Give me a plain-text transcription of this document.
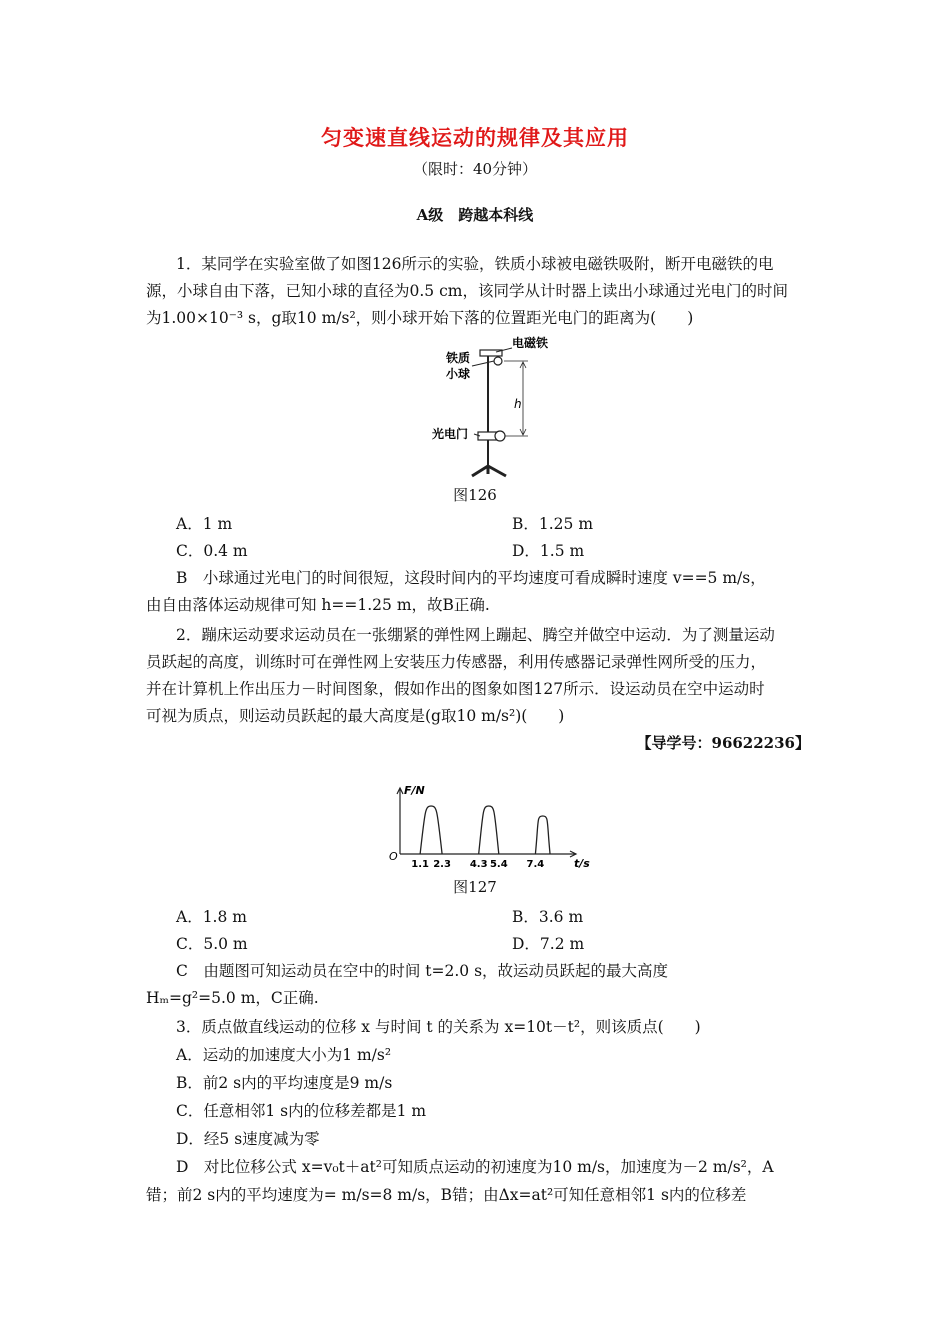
匀变速直线运动的规律及其应用
（限时：40分钟）
A级　跨越本科线
1．某同学在实验室做了如图126所示的实验，铁质小球被电磁铁吸附，断开电磁铁的电
源，小球自由下落，已知小球的直径为0.5 cm，该同学从计时器上读出小球通过光电门的时间
为1.00×10⁻³ s，g取10 m/s²，则小球开始下落的位置距光电门的距离为(　　)
电磁铁
铁质
小球
h
光电门
图126
A．1 m	B．1.25 m
C．0.4 m	D．1.5 m
B　小球通过光电门的时间很短，这段时间内的平均速度可看成瞬时速度 v==5 m/s，
由自由落体运动规律可知 h==1.25 m，故B正确.
2．蹦床运动要求运动员在一张绷紧的弹性网上蹦起、腾空并做空中运动．为了测量运动
员跃起的高度，训练时可在弹性网上安装压力传感器，利用传感器记录弹性网所受的压力，
并在计算机上作出压力－时间图象，假如作出的图象如图127所示．设运动员在空中运动时
可视为质点，则运动员跃起的最大高度是(g取10 m/s²)(　　)
【导学号：96622236】
F/N
t/s
O
1.1 2.3 4.3 5.4 7.4
图127
A．1.8 m	B．3.6 m
C．5.0 m	D．7.2 m
C　由题图可知运动员在空中的时间 t=2.0 s，故运动员跃起的最大高度
Hₘ=g²=5.0 m，C正确.
3．质点做直线运动的位移 x 与时间 t 的关系为 x=10t－t²，则该质点(　　)
A．运动的加速度大小为1 m/s²
B．前2 s内的平均速度是9 m/s
C．任意相邻1 s内的位移差都是1 m
D．经5 s速度减为零
D　对比位移公式 x=v₀t＋at²可知质点运动的初速度为10 m/s，加速度为－2 m/s²，A
错；前2 s内的平均速度为= m/s=8 m/s，B错；由Δx=at²可知任意相邻1 s内的位移差
